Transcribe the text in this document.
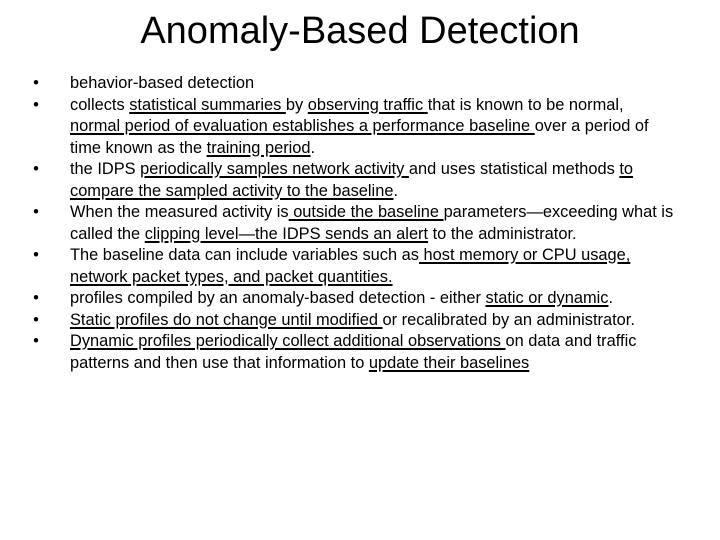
Anomaly-Based Detection
• behavior-based detection
• collects statistical summaries by observing traffic that is known to be normal, normal period of evaluation establishes a performance baseline over a period of time known as the training period.
• the IDPS periodically samples network activity and uses statistical methods to compare the sampled activity to the baseline.
• When the measured activity is outside the baseline parameters—exceeding what is called the clipping level—the IDPS sends an alert to the administrator.
• The baseline data can include variables such as host memory or CPU usage, network packet types, and packet quantities.
• profiles compiled by an anomaly-based detection - either static or dynamic.
• Static profiles do not change until modified or recalibrated by an administrator.
• Dynamic profiles periodically collect additional observations on data and traffic patterns and then use that information to update their baselines
